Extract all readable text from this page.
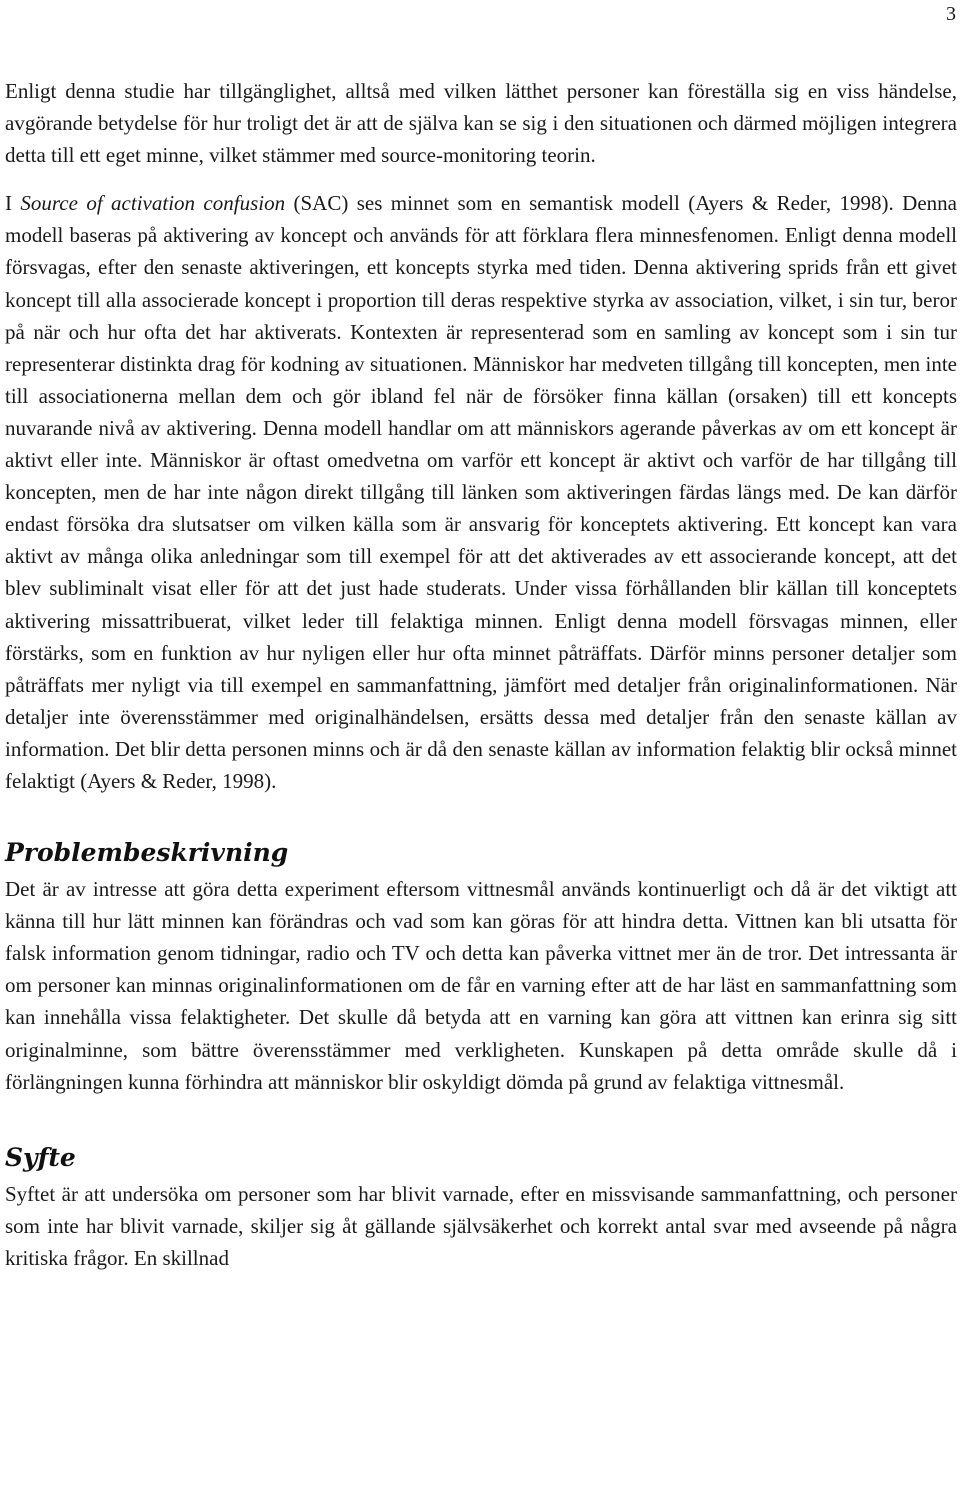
3

Enligt denna studie har tillgänglighet, alltså med vilken lätthet personer kan föreställa sig en viss händelse, avgörande betydelse för hur troligt det är att de själva kan se sig i den situationen och därmed möjligen integrera detta till ett eget minne, vilket stämmer med source-monitoring teorin.

I Source of activation confusion (SAC) ses minnet som en semantisk modell (Ayers & Reder, 1998). Denna modell baseras på aktivering av koncept och används för att förklara flera minnesfenomen. Enligt denna modell försvagas, efter den senaste aktiveringen, ett koncepts styrka med tiden. Denna aktivering sprids från ett givet koncept till alla associerade koncept i proportion till deras respektive styrka av association, vilket, i sin tur, beror på när och hur ofta det har aktiverats. Kontexten är representerad som en samling av koncept som i sin tur representerar distinkta drag för kodning av situationen. Människor har medveten tillgång till koncepten, men inte till associationerna mellan dem och gör ibland fel när de försöker finna källan (orsaken) till ett koncepts nuvarande nivå av aktivering. Denna modell handlar om att människors agerande påverkas av om ett koncept är aktivt eller inte. Människor är oftast omedvetna om varför ett koncept är aktivt och varför de har tillgång till koncepten, men de har inte någon direkt tillgång till länken som aktiveringen färdas längs med. De kan därför endast försöka dra slutsatser om vilken källa som är ansvarig för konceptets aktivering. Ett koncept kan vara aktivt av många olika anledningar som till exempel för att det aktiverades av ett associerande koncept, att det blev subliminalt visat eller för att det just hade studerats. Under vissa förhållanden blir källan till konceptets aktivering missattribuerat, vilket leder till felaktiga minnen. Enligt denna modell försvagas minnen, eller förstärks, som en funktion av hur nyligen eller hur ofta minnet påträffats. Därför minns personer detaljer som påträffats mer nyligt via till exempel en sammanfattning, jämfört med detaljer från originalinformationen. När detaljer inte överensstämmer med originalhändelsen, ersätts dessa med detaljer från den senaste källan av information. Det blir detta personen minns och är då den senaste källan av information felaktig blir också minnet felaktigt (Ayers & Reder, 1998).

Problembeskrivning

Det är av intresse att göra detta experiment eftersom vittnesmål används kontinuerligt och då är det viktigt att känna till hur lätt minnen kan förändras och vad som kan göras för att hindra detta. Vittnen kan bli utsatta för falsk information genom tidningar, radio och TV och detta kan påverka vittnet mer än de tror. Det intressanta är om personer kan minnas originalinformationen om de får en varning efter att de har läst en sammanfattning som kan innehålla vissa felaktigheter. Det skulle då betyda att en varning kan göra att vittnen kan erinra sig sitt originalminne, som bättre överensstämmer med verkligheten. Kunskapen på detta område skulle då i förlängningen kunna förhindra att människor blir oskyldigt dömda på grund av felaktiga vittnesmål.

Syfte

Syftet är att undersöka om personer som har blivit varnade, efter en missvisande sammanfattning, och personer som inte har blivit varnade, skiljer sig åt gällande självsäkerhet och korrekt antal svar med avseende på några kritiska frågor. En skillnad
